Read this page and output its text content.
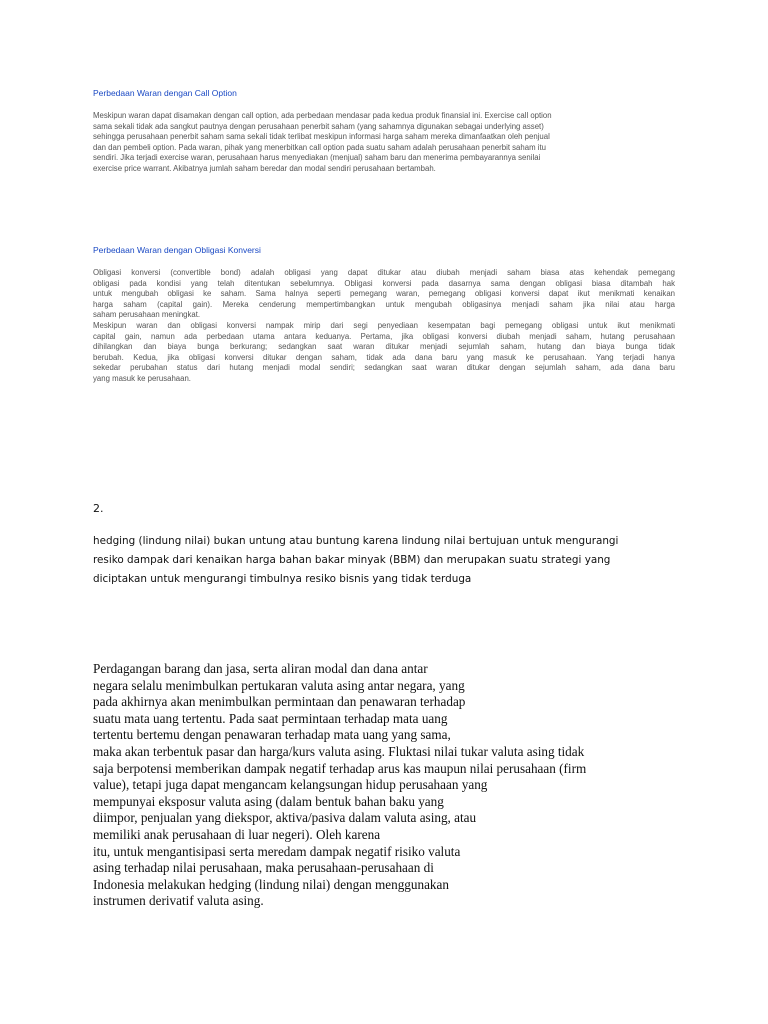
Perbedaan Waran dengan Call Option
Meskipun waran dapat disamakan dengan call option, ada perbedaan mendasar pada kedua produk finansial ini. Exercise call option
sama sekali tidak ada sangkut pautnya dengan perusahaan penerbit saham (yang sahamnya digunakan sebagai underlying asset)
sehingga perusahaan penerbit saham sama sekali tidak terlibat meskipun informasi harga saham mereka dimanfaatkan oleh penjual
dan dan pembeli option. Pada waran, pihak yang menerbitkan call option pada suatu saham adalah perusahaan penerbit saham itu
sendiri. Jika terjadi exercise waran, perusahaan harus menyediakan (menjual) saham baru dan menerima pembayarannya senilai
exercise price warrant. Akibatnya jumlah saham beredar dan modal sendiri perusahaan bertambah.
Perbedaan Waran dengan Obligasi Konversi
Obligasi konversi (convertible bond) adalah obligasi yang dapat ditukar atau diubah menjadi saham biasa atas kehendak pemegang
obligasi pada kondisi yang telah ditentukan sebelumnya. Obligasi konversi pada dasarnya sama dengan obligasi biasa ditambah hak
untuk mengubah obligasi ke saham. Sama halnya seperti pemegang waran, pemegang obligasi konversi dapat ikut menikmati kenaikan
harga saham (capital gain). Mereka cenderung mempertimbangkan untuk mengubah obligasinya menjadi saham jika nilai atau harga
saham perusahaan meningkat.
Meskipun waran dan obligasi konversi nampak mirip dari segi penyediaan kesempatan bagi pemegang obligasi untuk ikut menikmati
capital gain, namun ada perbedaan utama antara keduanya. Pertama, jika obligasi konversi diubah menjadi saham, hutang perusahaan
dihilangkan dan biaya bunga berkurang; sedangkan saat waran ditukar menjadi sejumlah saham, hutang dan biaya bunga tidak
berubah. Kedua, jika obligasi konversi ditukar dengan saham, tidak ada dana baru yang masuk ke perusahaan. Yang terjadi hanya
sekedar perubahan status dari hutang menjadi modal sendiri; sedangkan saat waran ditukar dengan sejumlah saham, ada dana baru
yang masuk ke perusahaan.
2.
hedging (lindung nilai) bukan untung atau buntung karena lindung nilai bertujuan untuk mengurangi
resiko dampak dari kenaikan harga bahan bakar minyak (BBM) dan merupakan suatu strategi yang
diciptakan untuk mengurangi timbulnya resiko bisnis yang tidak terduga
Perdagangan barang dan jasa, serta aliran modal dan dana antar
negara selalu menimbulkan pertukaran valuta asing antar negara, yang
pada akhirnya akan menimbulkan permintaan dan penawaran terhadap
suatu mata uang tertentu. Pada saat permintaan terhadap mata uang
tertentu bertemu dengan penawaran terhadap mata uang yang sama,
maka akan terbentuk pasar dan harga/kurs valuta asing. Fluktasi nilai tukar valuta asing tidak
saja berpotensi memberikan dampak negatif terhadap arus kas maupun nilai perusahaan (firm
value), tetapi juga dapat mengancam kelangsungan hidup perusahaan yang
mempunyai eksposur valuta asing (dalam bentuk bahan baku yang
diimpor, penjualan yang diekspor, aktiva/pasiva dalam valuta asing, atau
memiliki anak perusahaan di luar negeri). Oleh karena
itu, untuk mengantisipasi serta meredam dampak negatif risiko valuta
asing terhadap nilai perusahaan, maka perusahaan-perusahaan di
Indonesia melakukan hedging (lindung nilai) dengan menggunakan
instrumen derivatif valuta asing.
